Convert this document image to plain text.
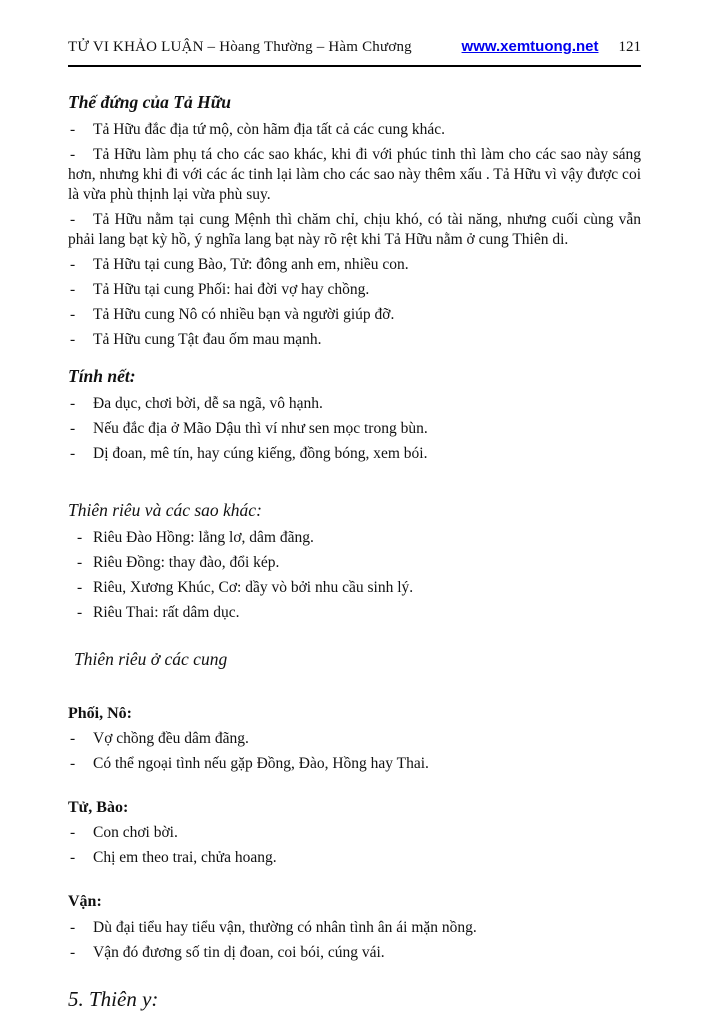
TỬ VI KHẢO LUẬN – Hòang Thường – Hàm Chương	www.xemtuong.net 121
Thế đứng của Tả Hữu

- Tả Hữu đắc địa tứ mộ, còn hãm địa tất cả các cung khác.

- Tả Hữu làm phụ tá cho các sao khác, khi đi với phúc tinh thì làm cho các sao này sáng hơn, nhưng khi đi với các ác tinh lại làm cho các sao này thêm xấu . Tả Hữu vì vậy được coi là vừa phù thịnh lại vừa phù suy.

- Tả Hữu nằm tại cung Mệnh thì chăm chỉ, chịu khó, có tài năng, nhưng cuối cùng vẫn phải lang bạt kỳ hồ, ý nghĩa lang bạt này rõ rệt khi Tả Hữu nằm ở cung Thiên di.

- Tả Hữu tại cung Bào, Tử: đông anh em, nhiều con.

- Tả Hữu tại cung Phối: hai đời vợ hay chồng.

- Tả Hữu cung Nô có nhiều bạn và người giúp đỡ.

- Tả Hữu cung Tật đau ốm mau mạnh.

Tính nết:

- Đa dục, chơi bời, dễ sa ngã, vô hạnh.

- Nếu đắc địa ở Mão Dậu thì ví như sen mọc trong bùn.

- Dị đoan, mê tín, hay cúng kiếng, đồng bóng, xem bói.

Thiên riêu và các sao khác:

- Riêu Đào Hồng: lẳng lơ, dâm đãng.

- Riêu Đồng: thay đào, đổi kép.

- Riêu, Xương Khúc, Cơ: dầy vò bởi nhu cầu sinh lý.

- Riêu Thai: rất dâm dục.

Thiên riêu ở các cung
Phối, Nô:

- Vợ chồng đều dâm đãng.

- Có thể ngoại tình nếu gặp Đồng, Đào, Hồng hay Thai.

Tử, Bào:

- Con chơi bời.

- Chị em theo trai, chửa hoang.

Vận:

- Dù đại tiểu hay tiểu vận, thường có nhân tình ân ái mặn nồng.

- Vận đó đương số tin dị đoan, coi bói, cúng vái.

5. Thiên y:
